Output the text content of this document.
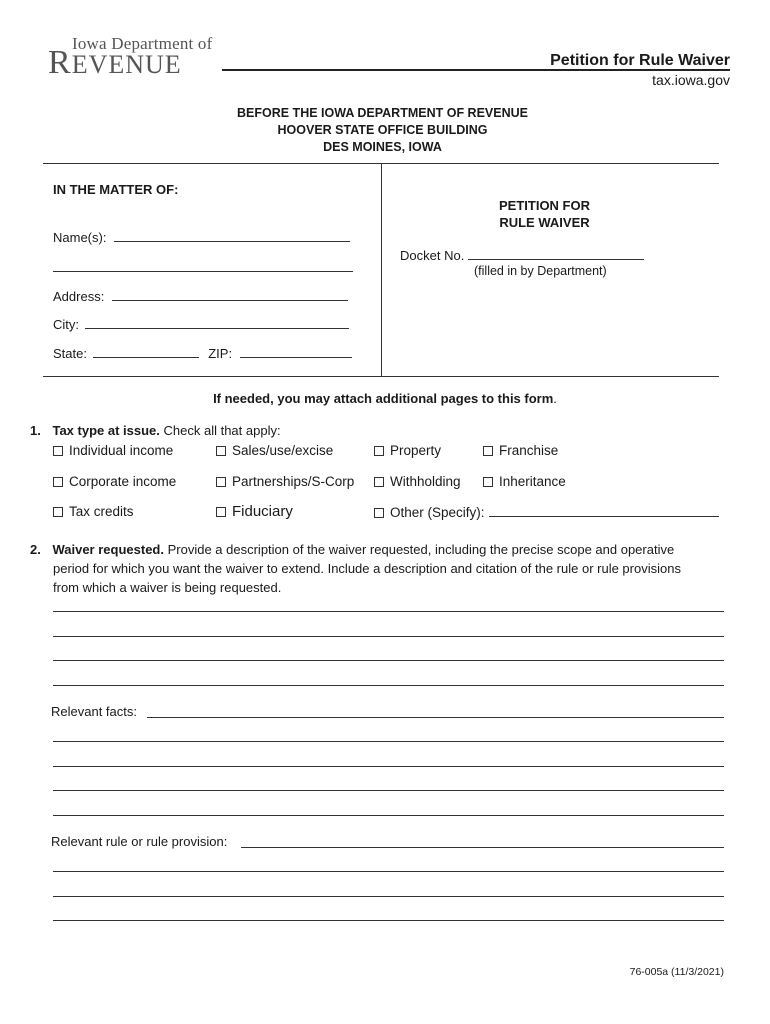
Iowa Department of
REVENUE	Petition for Rule Waiver
tax.iowa.gov
BEFORE THE IOWA DEPARTMENT OF REVENUE
HOOVER STATE OFFICE BUILDING
DES MOINES, IOWA
IN THE MATTER OF:
Name(s):
Address:
City:
State:	ZIP:
PETITION FOR
RULE WAIVER
Docket No.
(filled in by Department)
If needed, you may attach additional pages to this form.
1. Tax type at issue. Check all that apply:
Individual income	Sales/use/excise	Property	Franchise
Corporate income	Partnerships/S-Corp	Withholding	Inheritance
Tax credits	Fiduciary	Other (Specify):
2. Waiver requested. Provide a description of the waiver requested, including the precise scope and operative
period for which you want the waiver to extend. Include a description and citation of the rule or rule provisions
from which a waiver is being requested.
Relevant facts:
Relevant rule or rule provision:
76-005a (11/3/2021)
